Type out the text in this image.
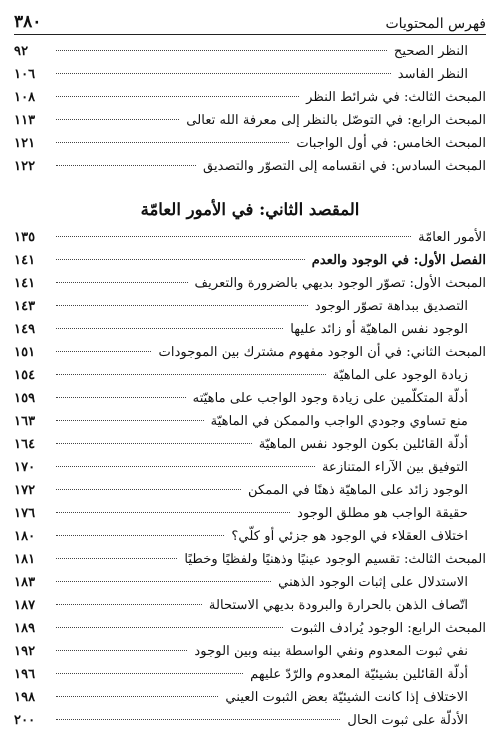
٣٨٠	فهرس المحتويات
النظر الصحيح
٩٢
النظر الفاسد
١٠٦
المبحث الثالث: في شرائط النظر
١٠٨
المبحث الرابع: في التوصّل بالنظر إلى معرفة الله تعالى
١١٣
المبحث الخامس: في أول الواجبات
١٢١
المبحث السادس: في انقسامه إلى التصوّر والتصديق
١٢٢
المقصد الثاني: في الأمور العامّة
الأمور العامّة
١٣٥
الفصل الأول: في الوجود والعدم
١٤١
المبحث الأول: تصوّر الوجود بديهي بالضرورة والتعريف
١٤١
التصديق ببداهة تصوّر الوجود
١٤٣
الوجود نفس الماهيّة أو زائد عليها
١٤٩
المبحث الثاني: في أن الوجود مفهوم مشترك بين الموجودات
١٥١
زيادة الوجود على الماهيّة
١٥٤
أدلّة المتكلّمين على زيادة وجود الواجب على ماهيّته
١٥٩
منع تساوي وجودي الواجب والممكن في الماهيّة
١٦٣
أدلّة القائلين بكون الوجود نفس الماهيّة
١٦٤
التوفيق بين الآراء المتنازعة
١٧٠
الوجود زائد على الماهيّة ذهنًا في الممكن
١٧٢
حقيقة الواجب هو مطلق الوجود
١٧٦
اختلاف العقلاء في الوجود هو جزئي أو كلّي؟
١٨٠
المبحث الثالث: تقسيم الوجود عينيًا وذهنيًا ولفظيًا وخطيًا
١٨١
الاستدلال على إثبات الوجود الذهني
١٨٣
اتّصاف الذهن بالحرارة والبرودة بديهي الاستحالة
١٨٧
المبحث الرابع: الوجود يُرادف الثبوت
١٨٩
نفي ثبوت المعدوم ونفي الواسطة بينه وبين الوجود
١٩٢
أدلّة القائلين بشيئيّة المعدوم والرّدّ عليهم
١٩٦
الاختلاف إذا كانت الشيئيّة بعض الثبوت العيني
١٩٨
الأدلّة على ثبوت الحال
٢٠٠
